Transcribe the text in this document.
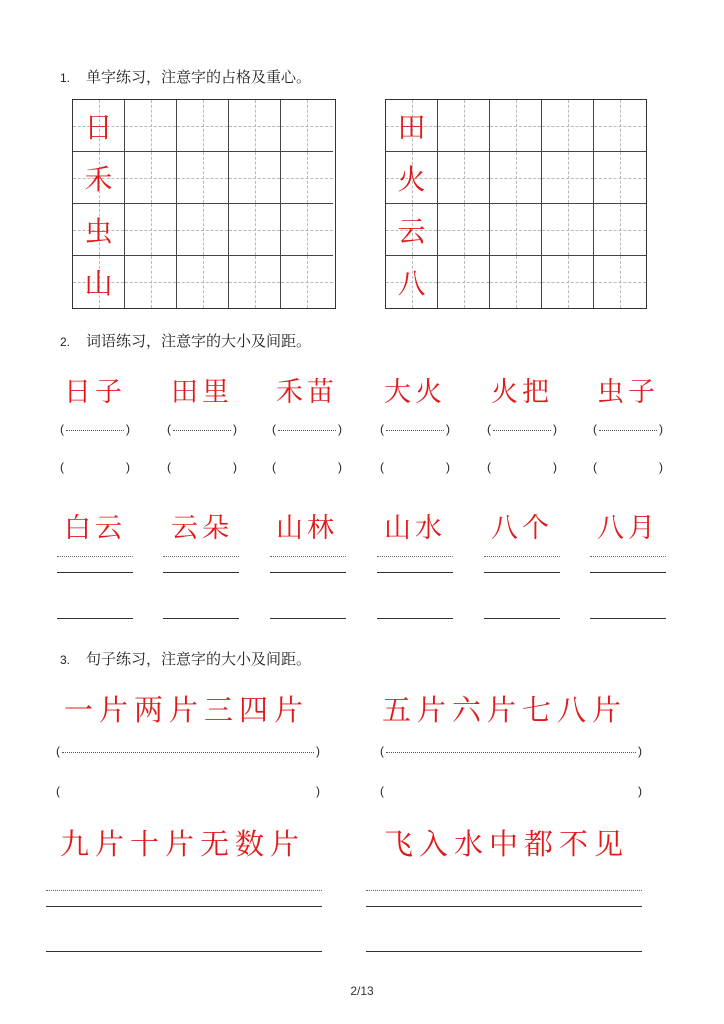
1.	单字练习，注意字的占格及重心。
日
禾
虫
山
田
火
云
八
2.	词语练习，注意字的大小及间距。
日子
(	)
(	)
田里
(	)
(	)
禾苗
(	)
(	)
大火
(	)
(	)
火把
(	)
(	)
虫子
(	)
(	)
白云 云朵 山林 山水 八个 八月
3.	句子练习，注意字的大小及间距。
一片两片三四片	五片六片七八片
(	)	(	)
(	)	(	)
九片十片无数片	飞入水中都不见
2/13
